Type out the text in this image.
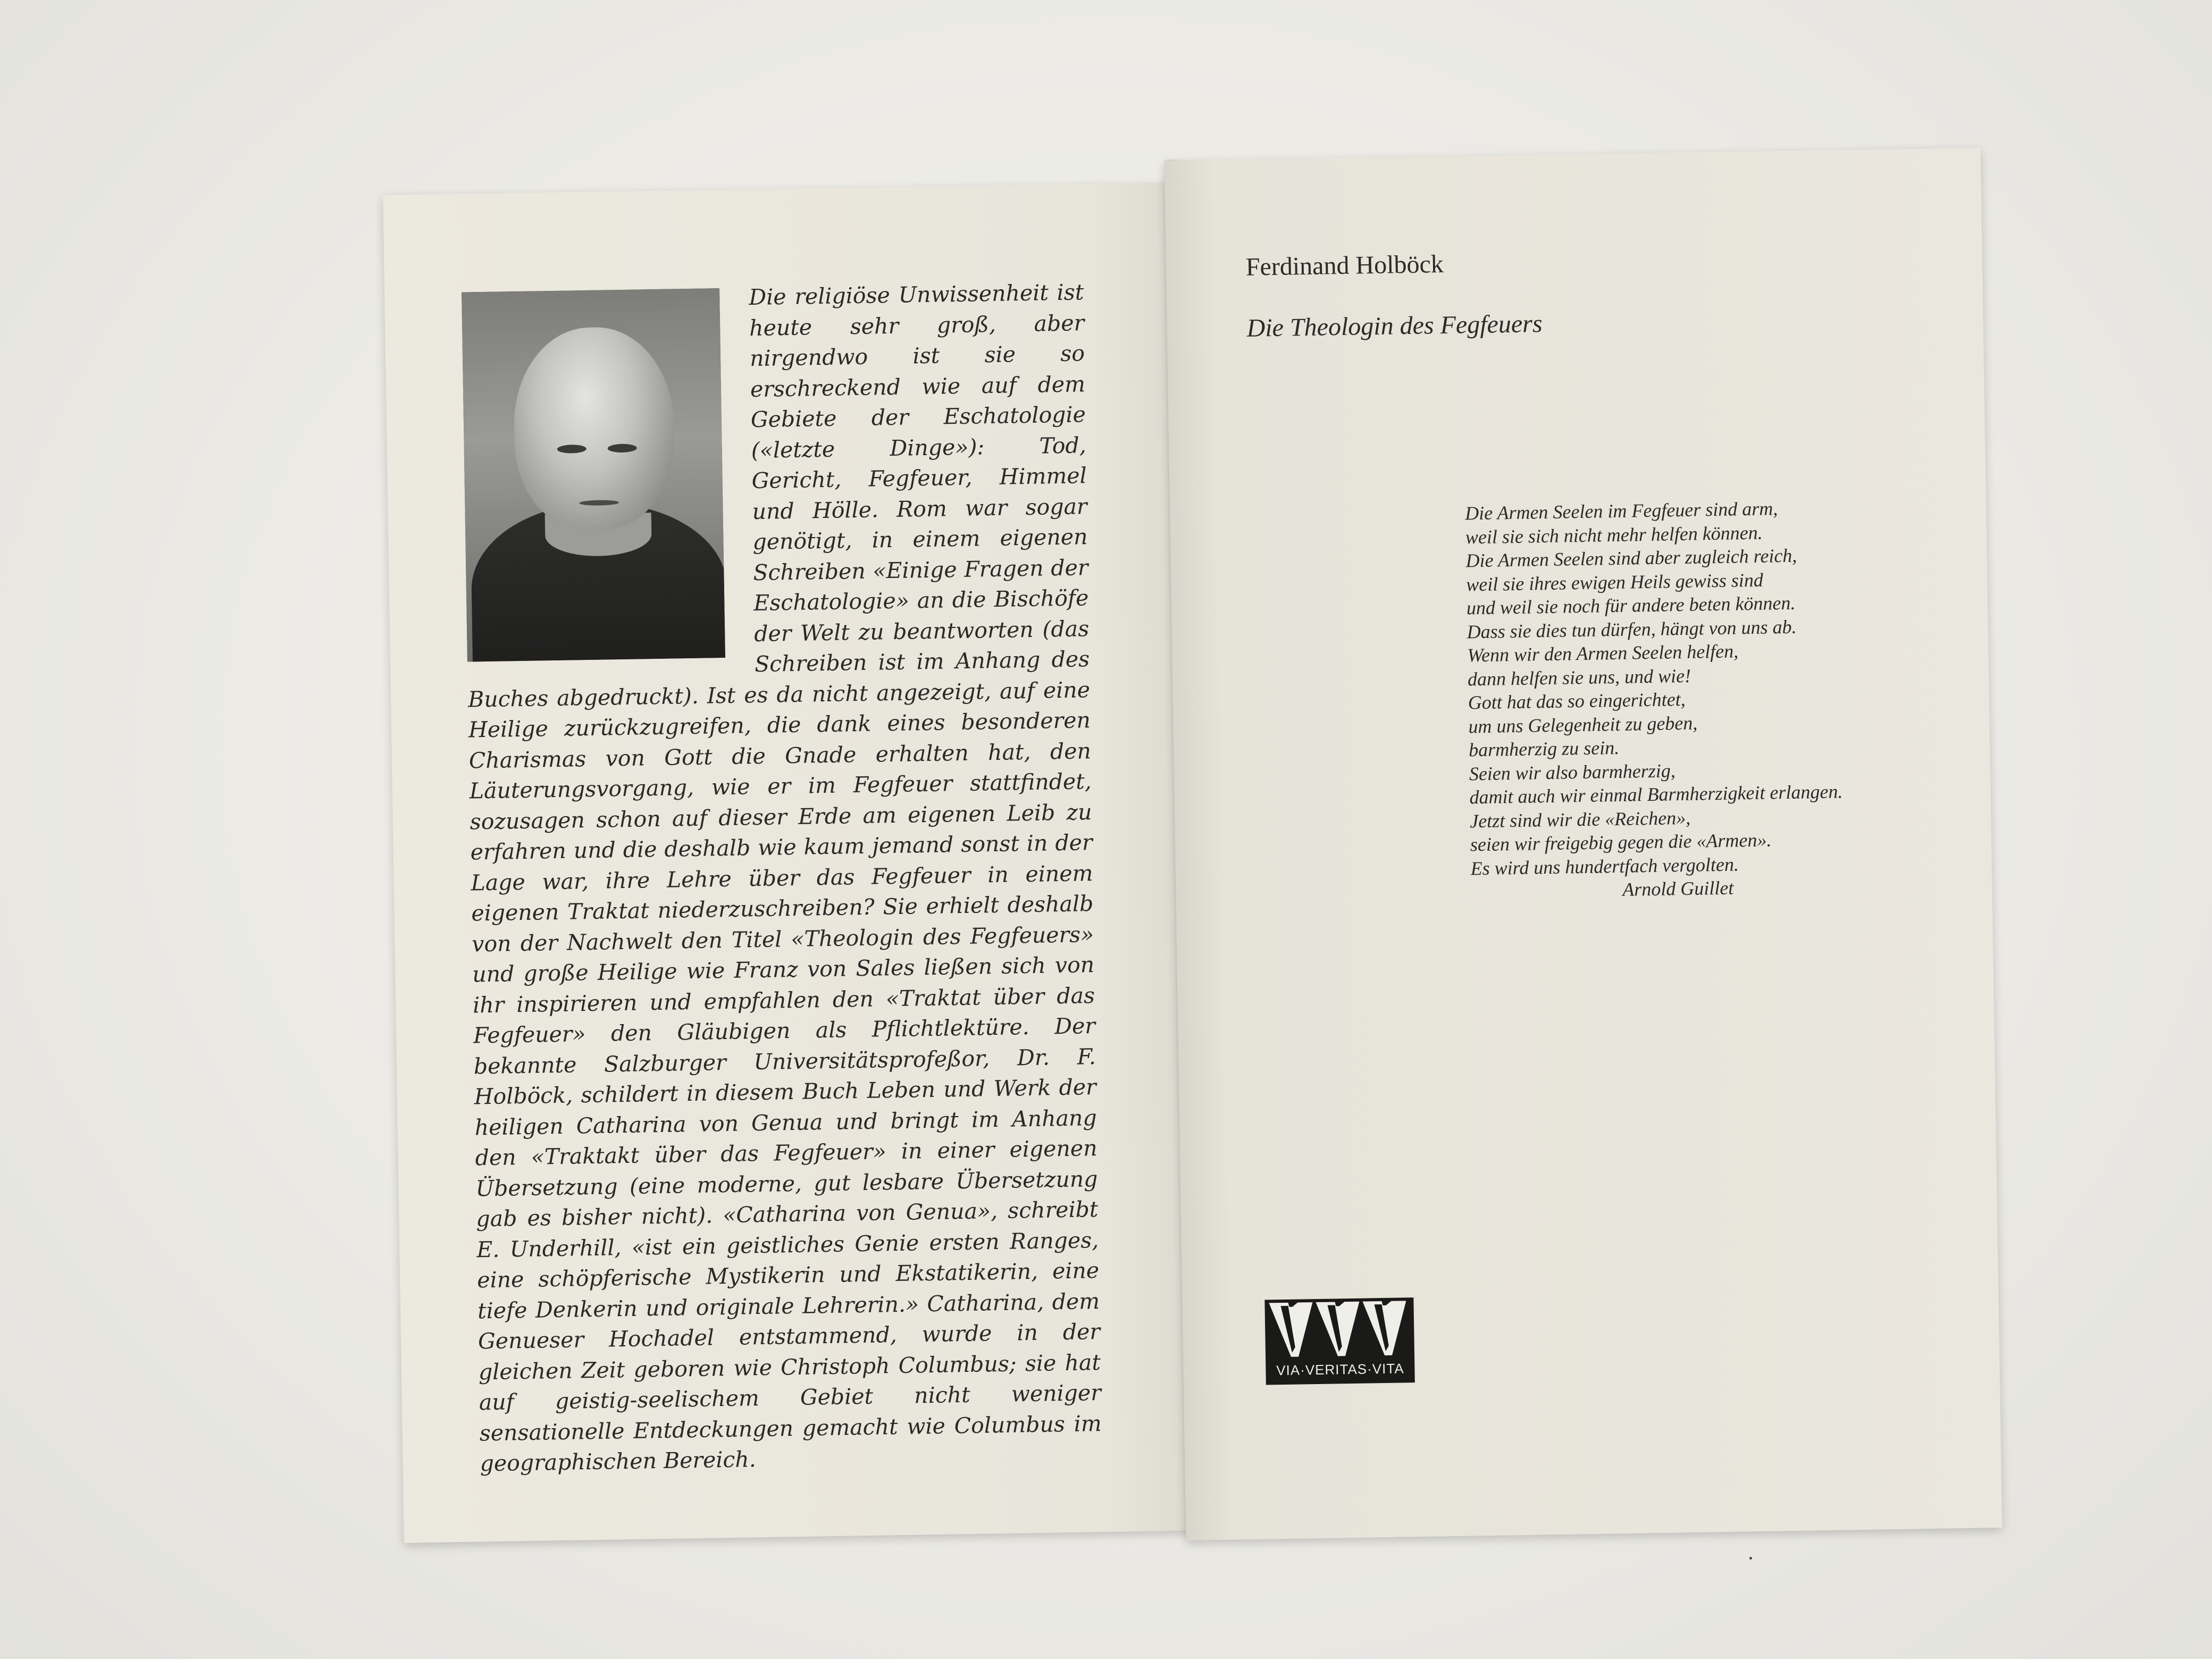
Die religiöse Unwissenheit ist heute sehr groß, aber nirgendwo ist sie so erschreckend wie auf dem Gebiete der Eschatologie («letzte Dinge»): Tod, Gericht, Fegfeuer, Himmel und Hölle. Rom war sogar genötigt, in einem eigenen Schreiben «Einige Fragen der Eschatologie» an die Bischöfe der Welt zu beantworten (das Schreiben ist im Anhang des Buches abgedruckt). Ist es da nicht angezeigt, auf eine Heilige zurückzugreifen, die dank eines besonderen Charismas von Gott die Gnade erhalten hat, den Läuterungsvorgang, wie er im Fegfeuer stattfindet, sozusagen schon auf dieser Erde am eigenen Leib zu erfahren und die deshalb wie kaum jemand sonst in der Lage war, ihre Lehre über das Fegfeuer in einem eigenen Traktat niederzuschreiben? Sie erhielt deshalb von der Nachwelt den Titel «Theologin des Fegfeuers» und große Heilige wie Franz von Sales ließen sich von ihr inspirieren und empfahlen den «Traktat über das Fegfeuer» den Gläubigen als Pflichtlektüre. Der bekannte Salzburger Universitätsprofeßor, Dr. F. Holböck, schildert in diesem Buch Leben und Werk der heiligen Catharina von Genua und bringt im Anhang den «Traktakt über das Fegfeuer» in einer eigenen Übersetzung (eine moderne, gut lesbare Übersetzung gab es bisher nicht). «Catharina von Genua», schreibt E. Underhill, «ist ein geistliches Genie ersten Ranges, eine schöpferische Mystikerin und Ekstatikerin, eine tiefe Denkerin und originale Lehrerin.» Catharina, dem Genueser Hochadel entstammend, wurde in der gleichen Zeit geboren wie Christoph Columbus; sie hat auf geistig-seelischem Gebiet nicht weniger sensationelle Entdeckungen gemacht wie Columbus im geographischen Bereich.
Ferdinand Holböck
Die Theologin des Fegfeuers
Die Armen Seelen im Fegfeuer sind arm,
weil sie sich nicht mehr helfen können.
Die Armen Seelen sind aber zugleich reich,
weil sie ihres ewigen Heils gewiss sind
und weil sie noch für andere beten können.
Dass sie dies tun dürfen, hängt von uns ab.
Wenn wir den Armen Seelen helfen,
dann helfen sie uns, und wie!
Gott hat das so eingerichtet,
um uns Gelegenheit zu geben,
barmherzig zu sein.
Seien wir also barmherzig,
damit auch wir einmal Barmherzigkeit erlangen.
Jetzt sind wir die «Reichen»,
seien wir freigebig gegen die «Armen».
Es wird uns hundertfach vergolten.
Arnold Guillet
VIA·VERITAS·VITA
